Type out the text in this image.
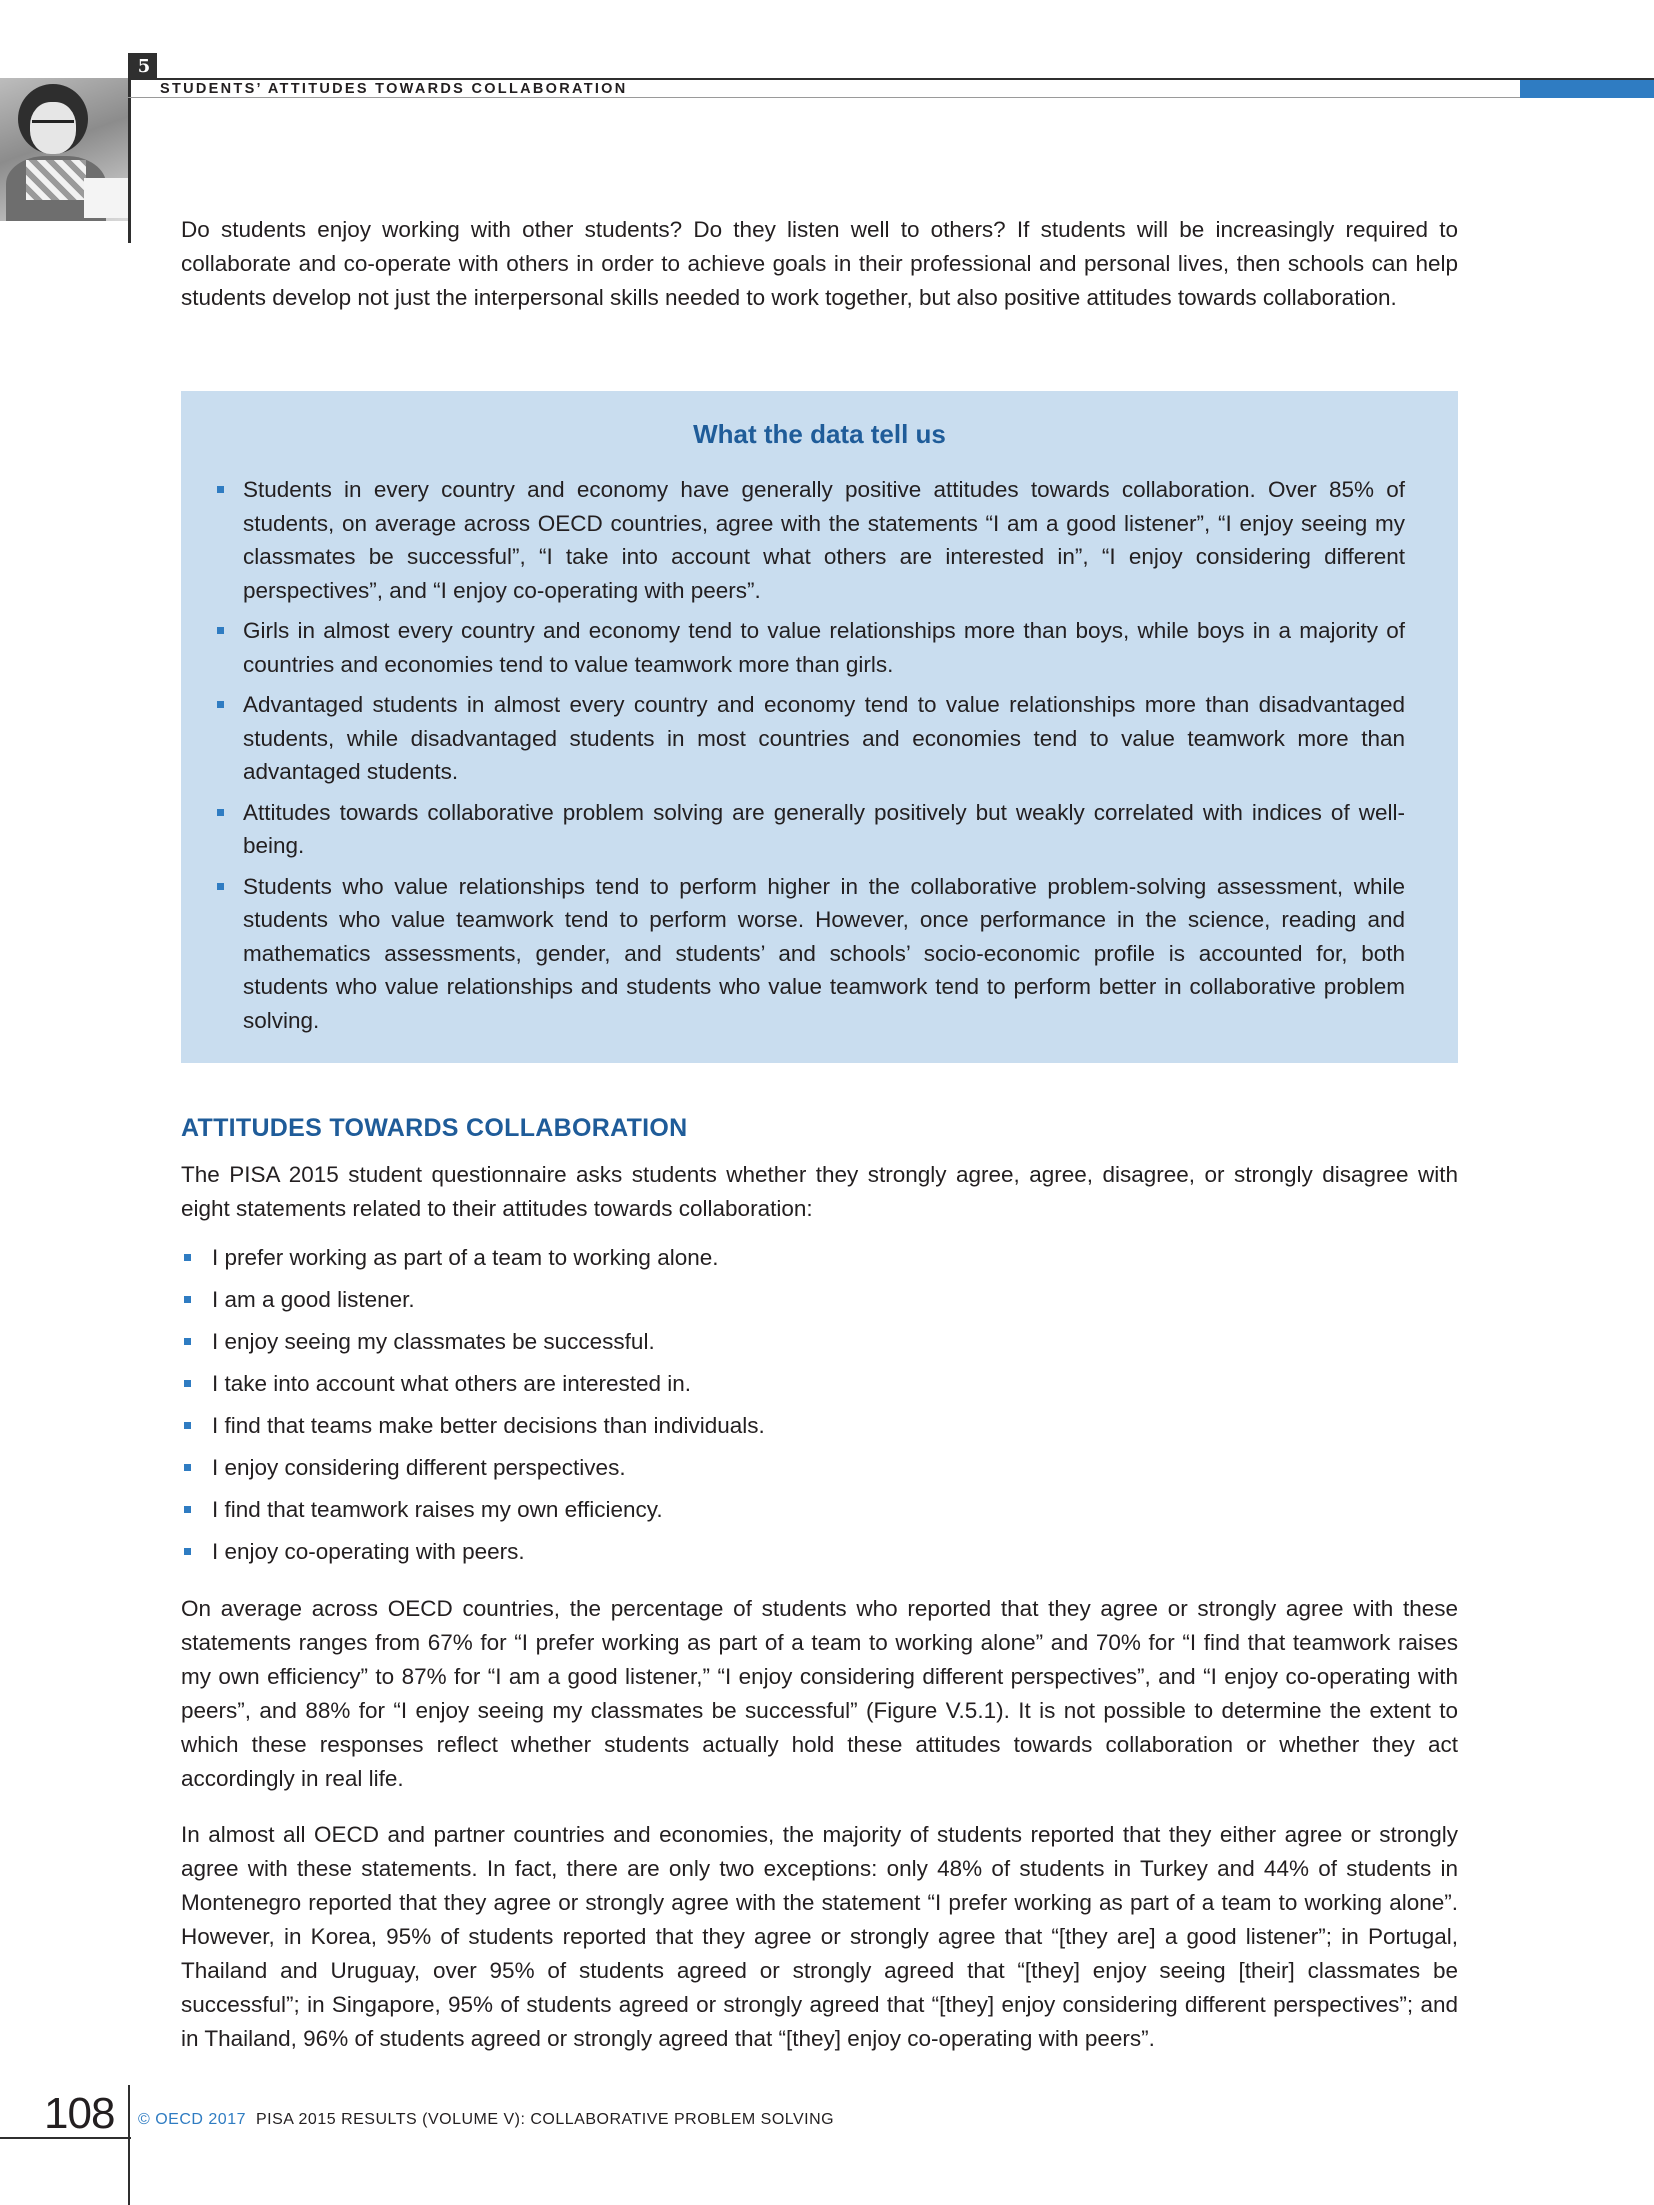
5
STUDENTS’ ATTITUDES TOWARDS COLLABORATION

Do students enjoy working with other students? Do they listen well to others? If students will be increasingly required to collaborate and co-operate with others in order to achieve goals in their professional and personal lives, then schools can help students develop not just the interpersonal skills needed to work together, but also positive attitudes towards collaboration.

What the data tell us
Students in every country and economy have generally positive attitudes towards collaboration. Over 85% of students, on average across OECD countries, agree with the statements “I am a good listener”, “I enjoy seeing my classmates be successful”, “I take into account what others are interested in”, “I enjoy considering different perspectives”, and “I enjoy co-operating with peers”.
Girls in almost every country and economy tend to value relationships more than boys, while boys in a majority of countries and economies tend to value teamwork more than girls.
Advantaged students in almost every country and economy tend to value relationships more than disadvantaged students, while disadvantaged students in most countries and economies tend to value teamwork more than advantaged students.
Attitudes towards collaborative problem solving are generally positively but weakly correlated with indices of well-being.
Students who value relationships tend to perform higher in the collaborative problem-solving assessment, while students who value teamwork tend to perform worse. However, once performance in the science, reading and mathematics assessments, gender, and students’ and schools’ socio-economic profile is accounted for, both students who value relationships and students who value teamwork tend to perform better in collaborative problem solving.
ATTITUDES TOWARDS COLLABORATION

The PISA 2015 student questionnaire asks students whether they strongly agree, agree, disagree, or strongly disagree with eight statements related to their attitudes towards collaboration:

I prefer working as part of a team to working alone.
I am a good listener.
I enjoy seeing my classmates be successful.
I take into account what others are interested in.
I find that teams make better decisions than individuals.
I enjoy considering different perspectives.
I find that teamwork raises my own efficiency.
I enjoy co-operating with peers.

On average across OECD countries, the percentage of students who reported that they agree or strongly agree with these statements ranges from 67% for “I prefer working as part of a team to working alone” and 70% for “I find that teamwork raises my own efficiency” to 87% for “I am a good listener,” “I enjoy considering different perspectives”, and “I enjoy co-operating with peers”, and 88% for “I enjoy seeing my classmates be successful” (Figure V.5.1). It is not possible to determine the extent to which these responses reflect whether students actually hold these attitudes towards collaboration or whether they act accordingly in real life.

In almost all OECD and partner countries and economies, the majority of students reported that they either agree or strongly agree with these statements. In fact, there are only two exceptions: only 48% of students in Turkey and 44% of students in Montenegro reported that they agree or strongly agree with the statement “I prefer working as part of a team to working alone”. However, in Korea, 95% of students reported that they agree or strongly agree that “[they are] a good listener”; in Portugal, Thailand and Uruguay, over 95% of students agreed or strongly agreed that “[they] enjoy seeing [their] classmates be successful”; in Singapore, 95% of students agreed or strongly agreed that “[they] enjoy considering different perspectives”; and in Thailand, 96% of students agreed or strongly agreed that “[they] enjoy co-operating with peers”.

108 © OECD 2017 PISA 2015 RESULTS (VOLUME V): COLLABORATIVE PROBLEM SOLVING
